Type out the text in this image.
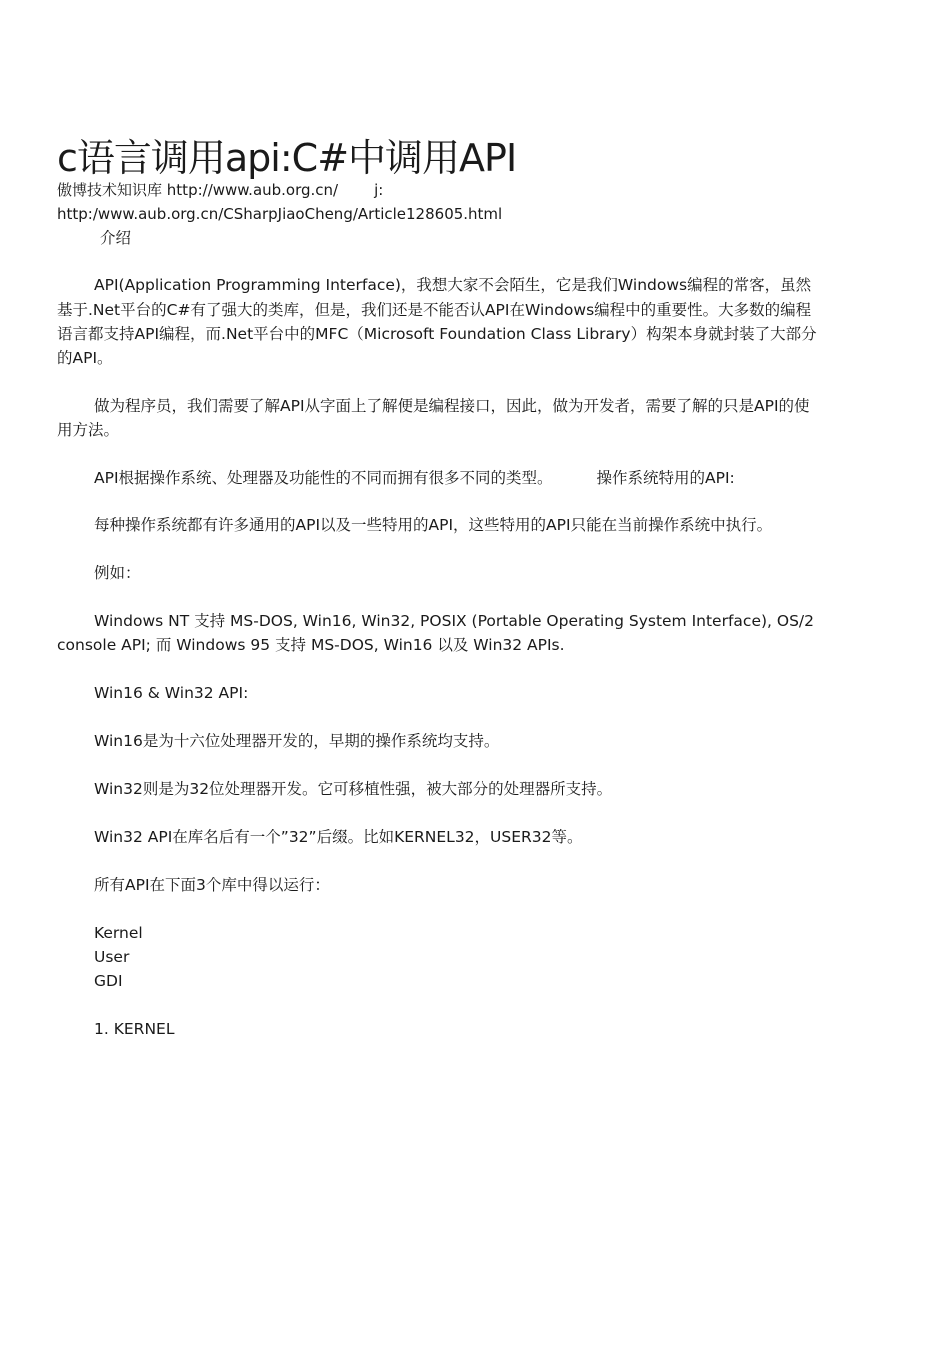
c语言调用api:C#中调用API
傲博技术知识库 http://www.aub.org.cn/ j:
http:/www.aub.org.cn/CSharpJiaoCheng/Article128605.html
介绍
API(Application Programming Interface)，我想大家不会陌生，它是我们Windows编程的常客，虽然
基于.Net平台的C#有了强大的类库，但是，我们还是不能否认API在Windows编程中的重要性。大多数的编程
语言都支持API编程，而.Net平台中的MFC（Microsoft Foundation Class Library）构架本身就封装了大部分
的API。
做为程序员，我们需要了解API从字面上了解便是编程接口，因此，做为开发者，需要了解的只是API的使
用方法。
API根据操作系统、处理器及功能性的不同而拥有很多不同的类型。	操作系统特用的API:
每种操作系统都有许多通用的API以及一些特用的API，这些特用的API只能在当前操作系统中执行。
例如：
Windows NT 支持 MS-DOS, Win16, Win32, POSIX (Portable Operating System Interface), OS/2
console API; 而 Windows 95 支持 MS-DOS, Win16 以及 Win32 APIs.
Win16 & Win32 API:
Win16是为十六位处理器开发的，早期的操作系统均支持。
Win32则是为32位处理器开发。它可移植性强，被大部分的处理器所支持。
Win32 API在库名后有一个”32”后缀。比如KERNEL32，USER32等。
所有API在下面3个库中得以运行：
Kernel
User
GDI
1. KERNEL
